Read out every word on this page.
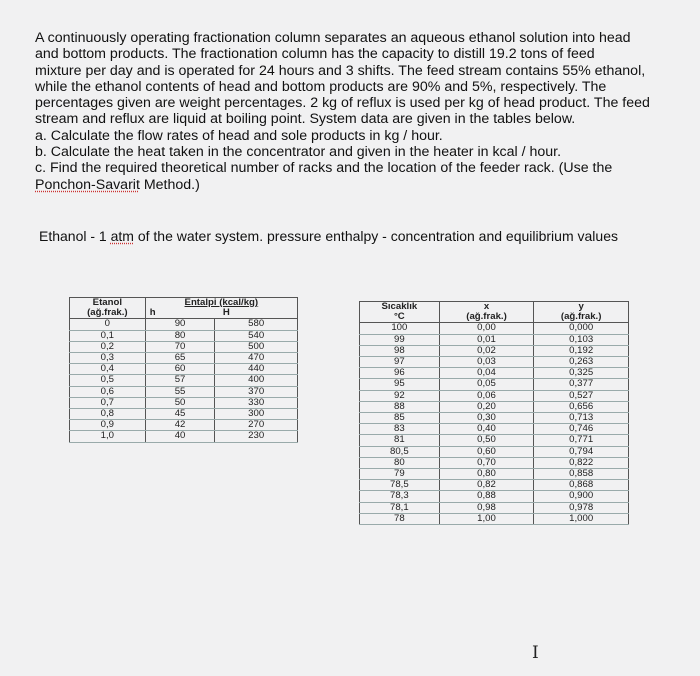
A continuously operating fractionation column separates an aqueous ethanol solution into head
and bottom products. The fractionation column has the capacity to distill 19.2 tons of feed
mixture per day and is operated for 24 hours and 3 shifts. The feed stream contains 55% ethanol,
while the ethanol contents of head and bottom products are 90% and 5%, respectively. The
percentages given are weight percentages. 2 kg of reflux is used per kg of head product. The feed
stream and reflux are liquid at boiling point. System data are given in the tables below.
a. Calculate the flow rates of head and sole products in kg / hour.
b. Calculate the heat taken in the concentrator and given in the heater in kcal / hour.
c. Find the required theoretical number of racks and the location of the feeder rack. (Use the
Ponchon-Savarit Method.)
Ethanol - 1 atm of the water system. pressure enthalpy - concentration and equilibrium values
Etanol	Entalpi (kcal/kg)	
(ağ.frak.)	h	H
0	90	580
0,1	80	540
0,2	70	500
0,3	65	470
0,4	60	440
0,5	57	400
0,6	55	370
0,7	50	330
0,8	45	300
0,9	42	270
1,0	40	230
Sıcaklık	x	y
°C	(ağ.frak.)	(ağ.frak.)
100	0,00	0,000
99	0,01	0,103
98	0,02	0,192
97	0,03	0,263
96	0,04	0,325
95	0,05	0,377
92	0,06	0,527
88	0,20	0,656
85	0,30	0,713
83	0,40	0,746
81	0,50	0,771
80,5	0,60	0,794
80	0,70	0,822
79	0,80	0,858
78,5	0,82	0,868
78,3	0,88	0,900
78,1	0,98	0,978
78	1,00	1,000
I
